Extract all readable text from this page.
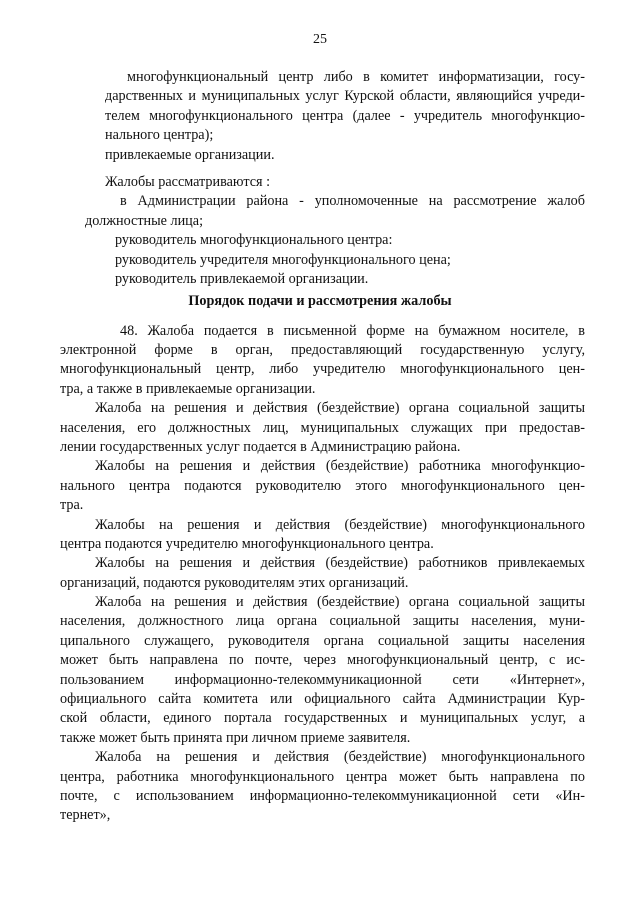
25
многофункциональный центр либо в комитет информатизации, госу-
дарственных и муниципальных услуг Курской области, являющийся учреди-
телем многофункционального центра (далее - учредитель многофункцио-
нального центра);
привлекаемые организации.
Жалобы рассматриваются :
в Администрации района - уполномоченные на рассмотрение жалоб
должностные лица;
руководитель многофункционального центра:
руководитель учредителя многофункционального цена;
руководитель привлекаемой организации.
Порядок подачи и рассмотрения жалобы
48. Жалоба подается в письменной форме на бумажном носителе, в
электронной форме в орган, предоставляющий государственную услугу,
многофункциональный центр, либо учредителю многофункционального цен-
тра, а также в привлекаемые организации.
Жалоба на решения и действия (бездействие) органа социальной защиты
населения, его должностных лиц, муниципальных служащих при предостав-
лении государственных услуг подается в Администрацию района.
Жалобы на решения и действия (бездействие) работника многофункцио-
нального центра подаются руководителю этого многофункционального цен-
тра.
Жалобы на решения и действия (бездействие) многофункционального
центра подаются учредителю многофункционального центра.
Жалобы на решения и действия (бездействие) работников привлекаемых
организаций, подаются руководителям этих организаций.
Жалоба на решения и действия (бездействие) органа социальной защиты
населения, должностного лица органа социальной защиты населения, муни-
ципального служащего, руководителя органа социальной защиты населения
может быть направлена по почте, через многофункциональный центр, с ис-
пользованием информационно-телекоммуникационной сети «Интернет»,
официального сайта комитета или официального сайта Администрации Кур-
ской области, единого портала государственных и муниципальных услуг, а
также может быть принята при личном приеме заявителя.
Жалоба на решения и действия (бездействие) многофункционального
центра, работника многофункционального центра может быть направлена по
почте, с использованием информационно-телекоммуникационной сети «Ин-
тернет»,
